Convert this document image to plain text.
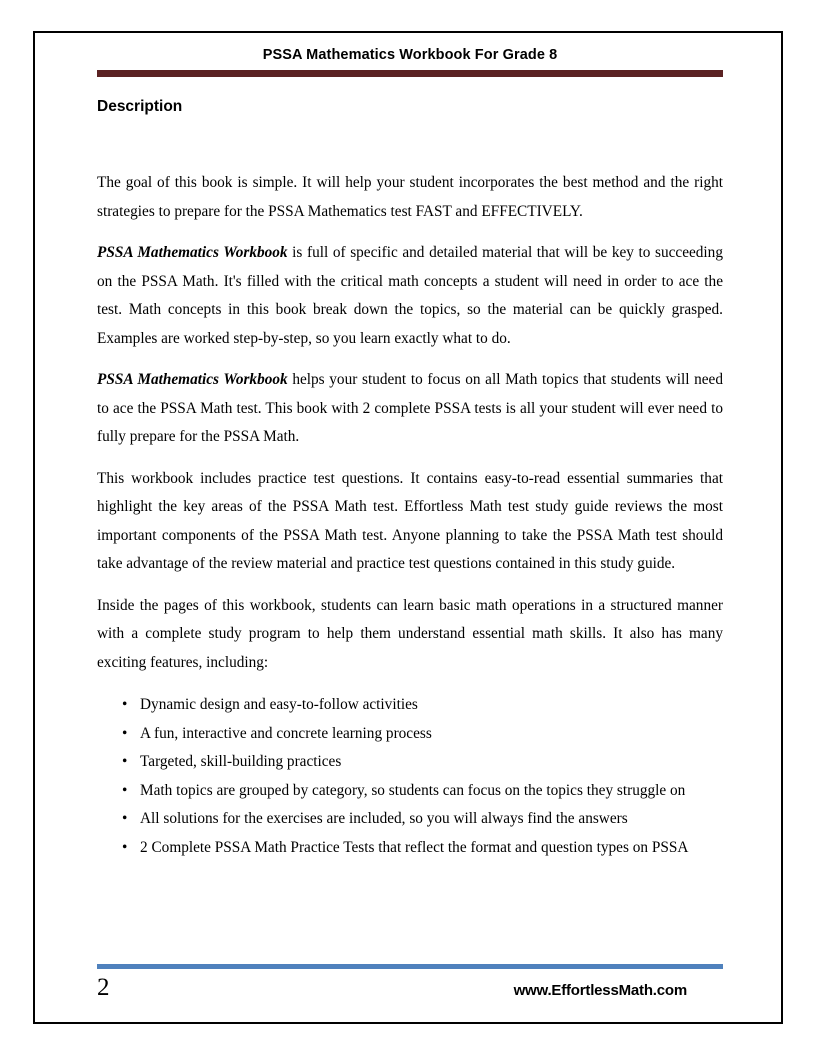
PSSA Mathematics Workbook For Grade 8
Description

The goal of this book is simple. It will help your student incorporates the best method and the right strategies to prepare for the PSSA Mathematics test FAST and EFFECTIVELY.

PSSA Mathematics Workbook is full of specific and detailed material that will be key to succeeding on the PSSA Math. It's filled with the critical math concepts a student will need in order to ace the test. Math concepts in this book break down the topics, so the material can be quickly grasped. Examples are worked step-by-step, so you learn exactly what to do.

PSSA Mathematics Workbook helps your student to focus on all Math topics that students will need to ace the PSSA Math test. This book with 2 complete PSSA tests is all your student will ever need to fully prepare for the PSSA Math.

This workbook includes practice test questions. It contains easy-to-read essential summaries that highlight the key areas of the PSSA Math test. Effortless Math test study guide reviews the most important components of the PSSA Math test. Anyone planning to take the PSSA Math test should take advantage of the review material and practice test questions contained in this study guide.

Inside the pages of this workbook, students can learn basic math operations in a structured manner with a complete study program to help them understand essential math skills. It also has many exciting features, including:

• Dynamic design and easy-to-follow activities
• A fun, interactive and concrete learning process
• Targeted, skill-building practices
• Math topics are grouped by category, so students can focus on the topics they struggle on
• All solutions for the exercises are included, so you will always find the answers
• 2 Complete PSSA Math Practice Tests that reflect the format and question types on PSSA
2	www.EffortlessMath.com
